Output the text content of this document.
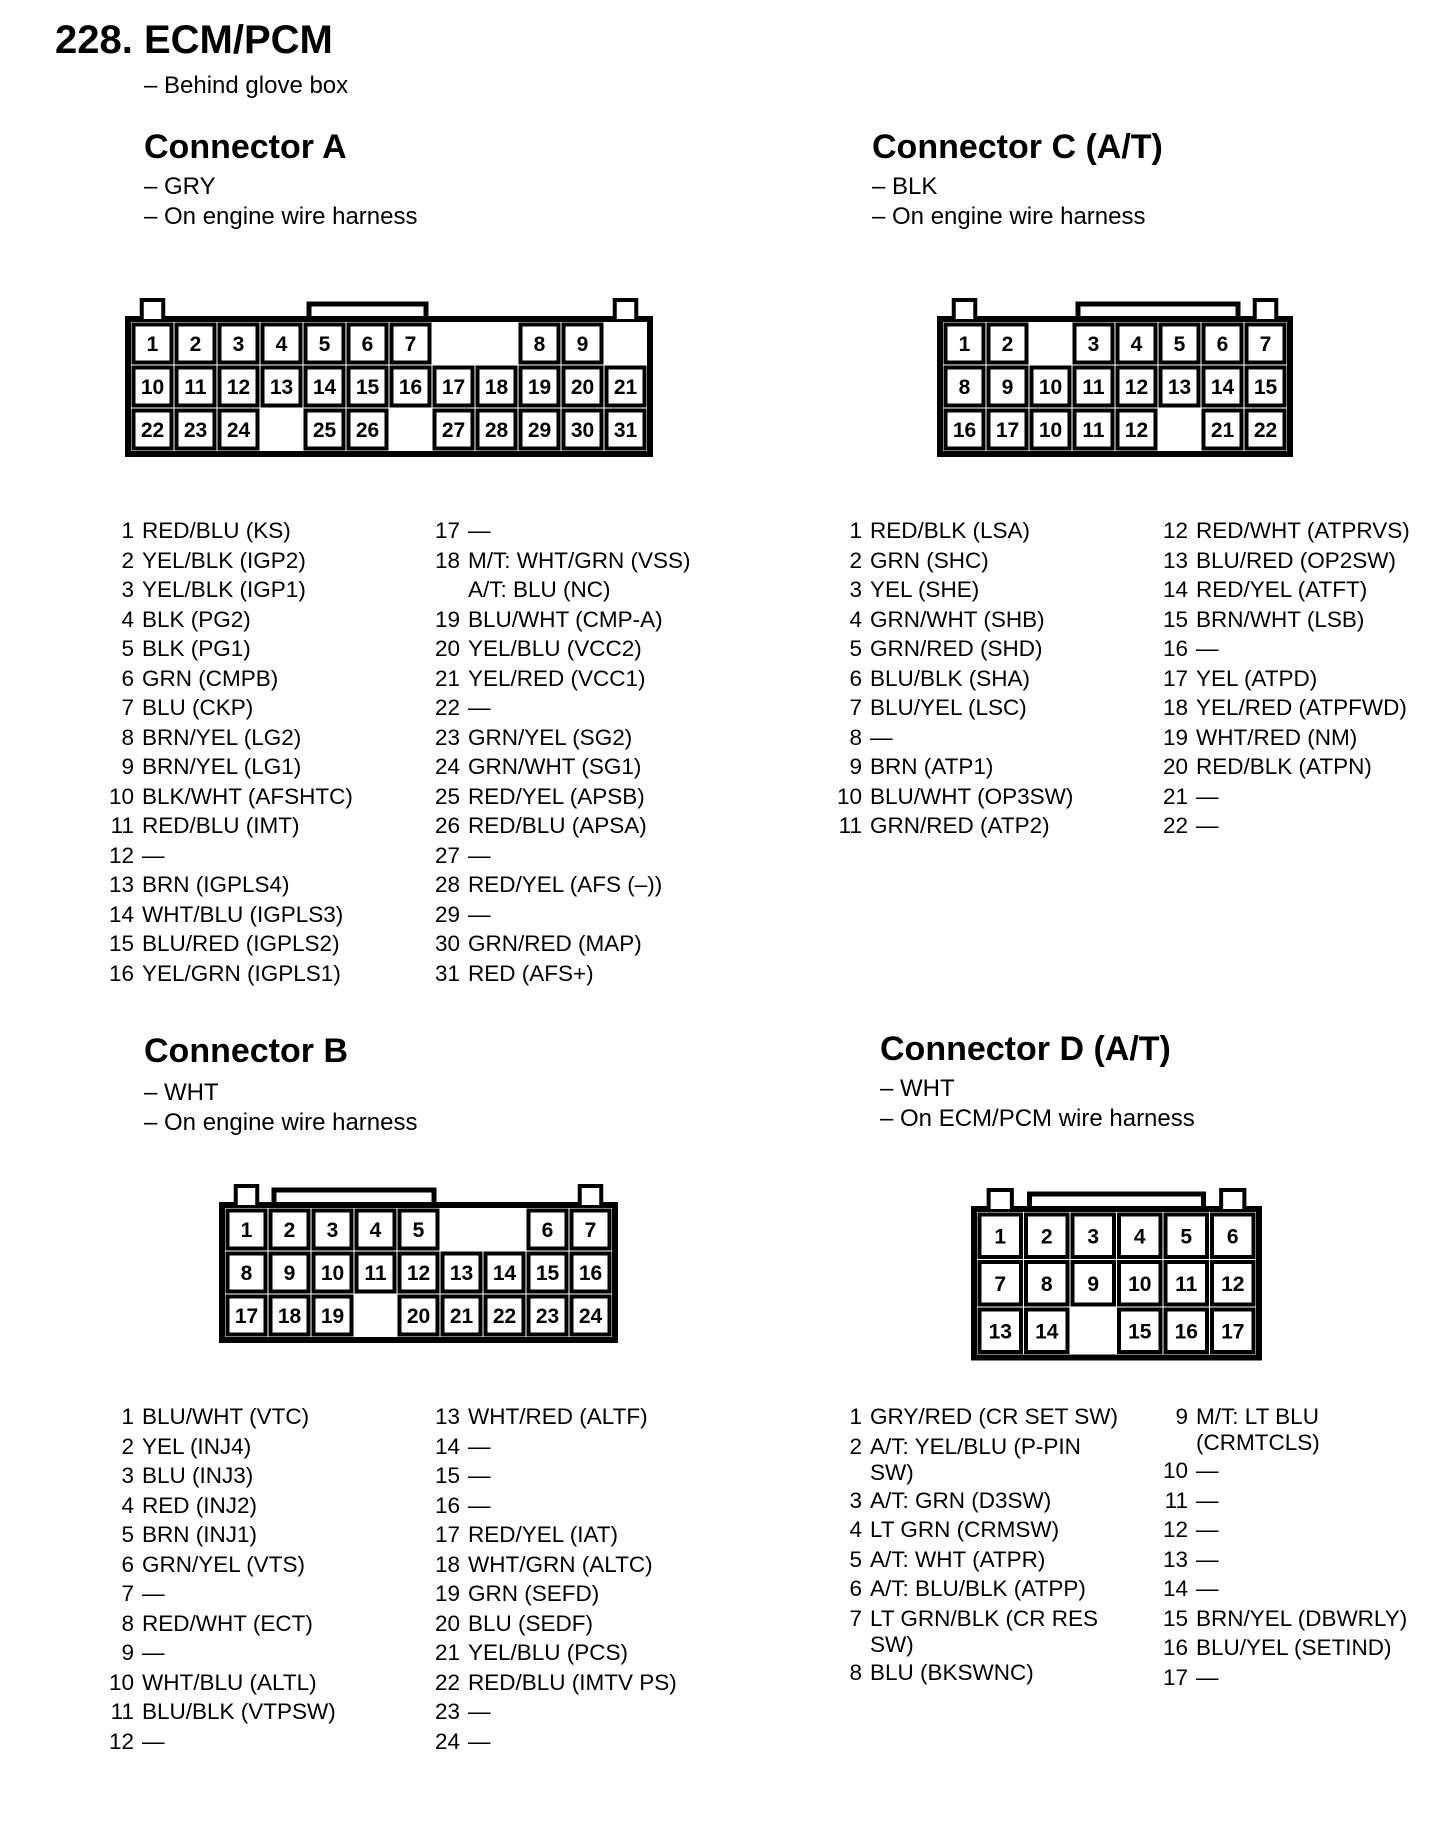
228. ECM/PCM
– Behind glove box
Connector A
– GRY
– On engine wire harness
1 2 3 4 5 6 7	8 9
10 11 12 13 14 15 16 17 18 19 20 21
22 23 24	25 26	27 28 29 30 31
1 RED/BLU (KS)
2 YEL/BLK (IGP2)
3 YEL/BLK (IGP1)
4 BLK (PG2)
5 BLK (PG1)
6 GRN (CMPB)
7 BLU (CKP)
8 BRN/YEL (LG2)
9 BRN/YEL (LG1)
10 BLK/WHT (AFSHTC)
11 RED/BLU (IMT)
12 —
13 BRN (IGPLS4)
14 WHT/BLU (IGPLS3)
15 BLU/RED (IGPLS2)
16 YEL/GRN (IGPLS1)
17 —
18 M/T: WHT/GRN (VSS)
A/T: BLU (NC)
19 BLU/WHT (CMP-A)
20 YEL/BLU (VCC2)
21 YEL/RED (VCC1)
22 —
23 GRN/YEL (SG2)
24 GRN/WHT (SG1)
25 RED/YEL (APSB)
26 RED/BLU (APSA)
27 —
28 RED/YEL (AFS (–))
29 —
30 GRN/RED (MAP)
31 RED (AFS+)
Connector C (A/T)
– BLK
– On engine wire harness
1 2	3 4 5 6 7
8 9 10 11 12 13 14 15
16 17 10 11 12	21 22
1 RED/BLK (LSA)
2 GRN (SHC)
3 YEL (SHE)
4 GRN/WHT (SHB)
5 GRN/RED (SHD)
6 BLU/BLK (SHA)
7 BLU/YEL (LSC)
8 —
9 BRN (ATP1)
10 BLU/WHT (OP3SW)
11 GRN/RED (ATP2)
12 RED/WHT (ATPRVS)
13 BLU/RED (OP2SW)
14 RED/YEL (ATFT)
15 BRN/WHT (LSB)
16 —
17 YEL (ATPD)
18 YEL/RED (ATPFWD)
19 WHT/RED (NM)
20 RED/BLK (ATPN)
21 —
22 —
Connector B
– WHT
– On engine wire harness
1 2 3 4 5	6 7
8 9 10 11 12 13 14 15 16
17 18 19	20 21 22 23 24
1 BLU/WHT (VTC)
2 YEL (INJ4)
3 BLU (INJ3)
4 RED (INJ2)
5 BRN (INJ1)
6 GRN/YEL (VTS)
7 —
8 RED/WHT (ECT)
9 —
10 WHT/BLU (ALTL)
11 BLU/BLK (VTPSW)
12 —
13 WHT/RED (ALTF)
14 —
15 —
16 —
17 RED/YEL (IAT)
18 WHT/GRN (ALTC)
19 GRN (SEFD)
20 BLU (SEDF)
21 YEL/BLU (PCS)
22 RED/BLU (IMTV PS)
23 —
24 —
Connector D (A/T)
– WHT
– On ECM/PCM wire harness
1 2 3 4 5 6
7 8 9 10 11 12
13 14	15 16 17
1 GRY/RED (CR SET SW)
2 A/T: YEL/BLU (P-PIN SW)
3 A/T: GRN (D3SW)
4 LT GRN (CRMSW)
5 A/T: WHT (ATPR)
6 A/T: BLU/BLK (ATPP)
7 LT GRN/BLK (CR RES SW)
8 BLU (BKSWNC)
9 M/T: LT BLU (CRMTCLS)
10 —
11 —
12 —
13 —
14 —
15 BRN/YEL (DBWRLY)
16 BLU/YEL (SETIND)
17 —
